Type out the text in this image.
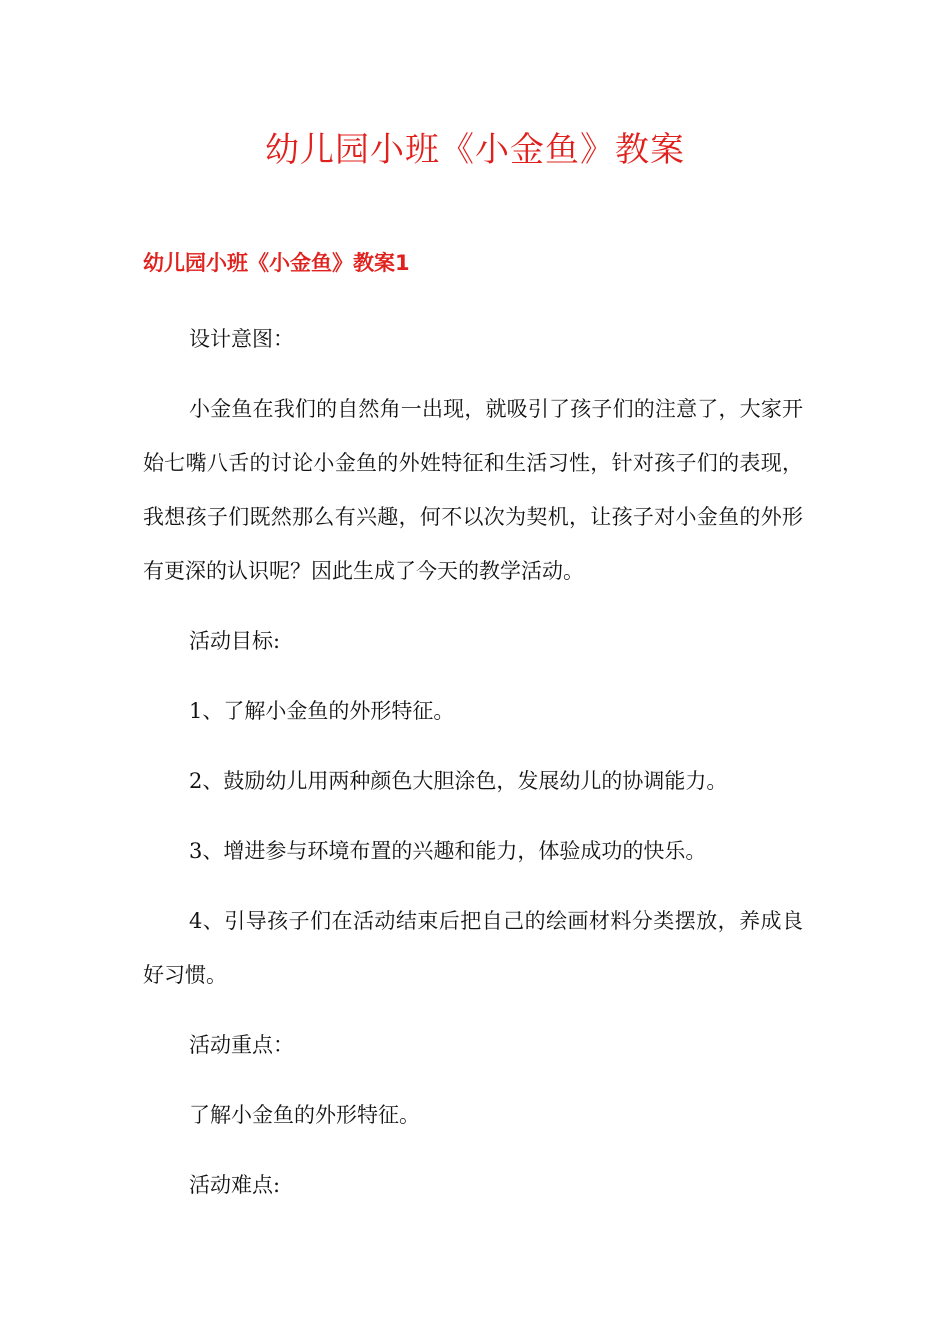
幼儿园小班《小金鱼》教案
幼儿园小班《小金鱼》教案1

设计意图：

小金鱼在我们的自然角一出现，就吸引了孩子们的注意了，大家开始七嘴八舌的讨论小金鱼的外姓特征和生活习性，针对孩子们的表现，我想孩子们既然那么有兴趣，何不以次为契机，让孩子对小金鱼的外形有更深的认识呢？因此生成了今天的教学活动。

活动目标:

1、了解小金鱼的外形特征。

2、鼓励幼儿用两种颜色大胆涂色，发展幼儿的协调能力。

3、增进参与环境布置的兴趣和能力，体验成功的快乐。

4、引导孩子们在活动结束后把自己的绘画材料分类摆放，养成良好习惯。

活动重点：

了解小金鱼的外形特征。

活动难点:
